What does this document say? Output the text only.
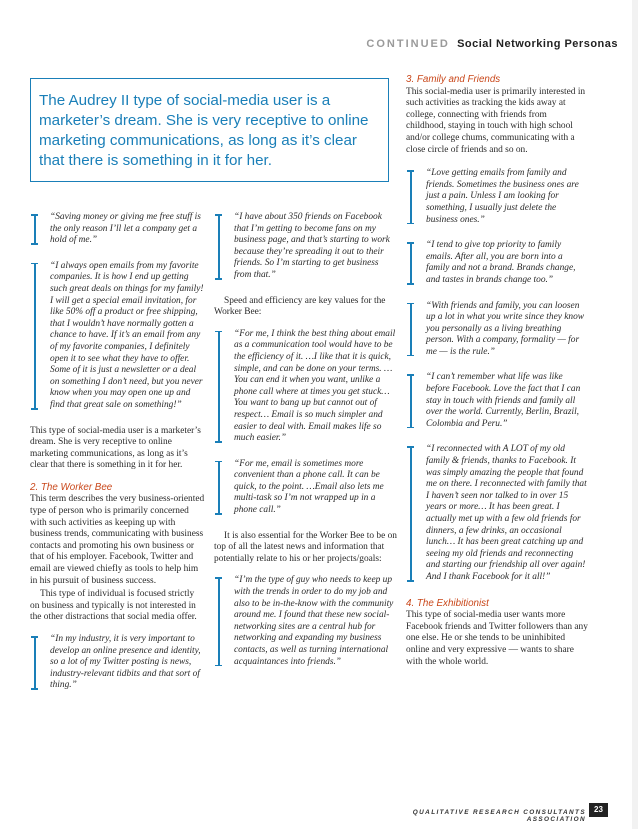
CONTINUED Social Networking Personas

The Audrey II type of social-media user is a marketer’s dream. She is very receptive to online marketing communications, as long as it’s clear that there is something in it for her.

“Saving money or giving me free stuff is the only reason I’ll let a company get a hold of me.”
“I always open emails from my favorite companies. It is how I end up getting such great deals on things for my family! I will get a special email invitation, for like 50% off a product or free shipping, that I wouldn’t have normally gotten a chance to have. If it’s an email from any of my favorite companies, I definitely open it to see what they have to offer. Some of it is just a newsletter or a deal on something I don’t need, but you never know when you may open one up and find that great sale on something!”

This type of social-media user is a marketer’s dream. She is very receptive to online marketing communications, as long as it’s clear that there is something in it for her.

2. The Worker Bee

This term describes the very business-oriented type of person who is primarily concerned with such activities as keeping up with business trends, communicating with business contacts and promoting his own business or that of his employer. Facebook, Twitter and email are viewed chiefly as tools to help him in his pursuit of business success.

This type of individual is focused strictly on business and typically is not interested in the other distractions that social media offer.

“In my industry, it is very important to develop an online presence and identity, so a lot of my Twitter posting is news, industry-relevant tidbits and that sort of thing.”
“I have about 350 friends on Facebook that I’m getting to become fans on my business page, and that’s starting to work because they’re spreading it out to their friends. So I’m starting to get business from that.”

Speed and efficiency are key values for the Worker Bee:

“For me, I think the best thing about email as a communication tool would have to be the efficiency of it. …I like that it is quick, simple, and can be done on your terms. …You can end it when you want, unlike a phone call where at times you get stuck… You want to bang up but cannot out of respect… Email is so much simpler and easier to deal with. Email makes life so much easier.”
“For me, email is sometimes more convenient than a phone call. It can be quick, to the point. …Email also lets me multi-task so I’m not wrapped up in a phone call.”

It is also essential for the Worker Bee to be on top of all the latest news and information that potentially relate to his or her projects/goals:

“I’m the type of guy who needs to keep up with the trends in order to do my job and also to be in-the-know with the community around me. I found that these new social-networking sites are a central hub for networking and expanding my business contacts, as well as turning international acquaintances into friends.”
3. Family and Friends

This social-media user is primarily interested in such activities as tracking the kids away at college, connecting with friends from childhood, staying in touch with high school and/or college chums, communicating with a close circle of friends and so on.

“Love getting emails from family and friends. Sometimes the business ones are just a pain. Unless I am looking for something, I usually just delete the business ones.”
“I tend to give top priority to family emails. After all, you are born into a family and not a brand. Brands change, and tastes in brands change too.”
“With friends and family, you can loosen up a lot in what you write since they know you personally as a living breathing person. With a company, formality — for me — is the rule.”
“I can’t remember what life was like before Facebook. Love the fact that I can stay in touch with friends and family all over the world. Currently, Berlin, Brazil, Colombia and Peru.”
“I reconnected with A LOT of my old family & friends, thanks to Facebook. It was simply amazing the people that found me on there. I reconnected with family that I haven’t seen nor talked to in over 15 years or more… It has been great. I actually met up with a few old friends for dinners, a few drinks, an occasional lunch… It has been great catching up and seeing my old friends and reconnecting and starting our friendship all over again! And I thank Facebook for it all!”
4. The Exhibitionist

This type of social-media user wants more Facebook friends and Twitter followers than any one else. He or she tends to be uninhibited online and very expressive — wants to share with the whole world.

QUALITATIVE RESEARCH CONSULTANTS ASSOCIATION
23
